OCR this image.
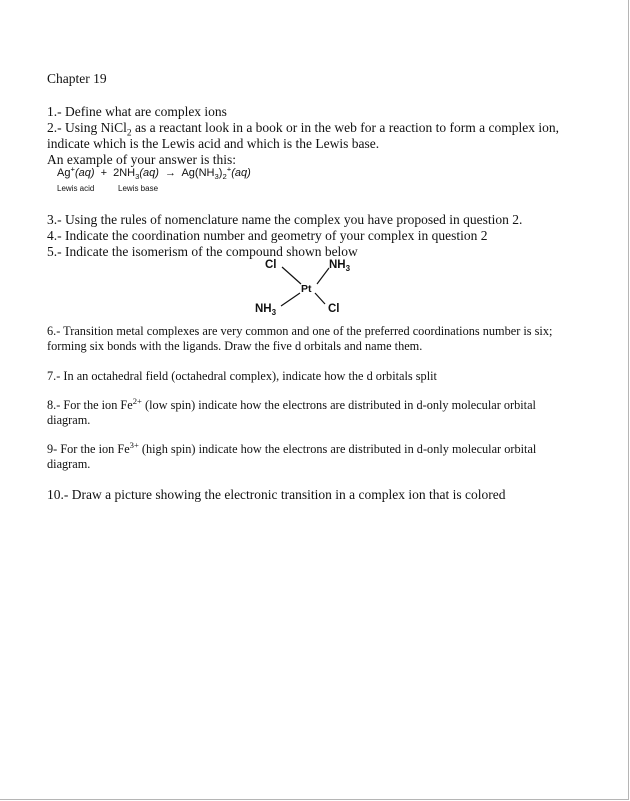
Chapter 19
1.- Define what are complex ions
2.- Using NiCl$_2$ as a reactant look in a book or in the web for a reaction to form a complex ion,
indicate which is the Lewis acid and which is the Lewis base.
An example of your answer is this:
$Ag^+(aq) + 2NH_3(aq) \to Ag(NH_3)_2^+(aq)$
Lewis acid	Lewis base
3.- Using the rules of nomenclature name the complex you have proposed in question 2.
4.- Indicate the coordination number and geometry of your complex in question 2
5.- Indicate the isomerism of the compound shown below
Cl	$NH_3$
Pt
$NH_3$	Cl
6.- Transition metal complexes are very common and one of the preferred coordinations number is six;
forming six bonds with the ligands. Draw the five d orbitals and name them.
7.- In an octahedral field (octahedral complex), indicate how the d orbitals split
8.- For the ion $Fe^{2+}$ (low spin) indicate how the electrons are distributed in d-only molecular orbital
diagram.
9- For the ion $Fe^{3+}$ (high spin) indicate how the electrons are distributed in d-only molecular orbital
diagram.
10.- Draw a picture showing the electronic transition in a complex ion that is colored
